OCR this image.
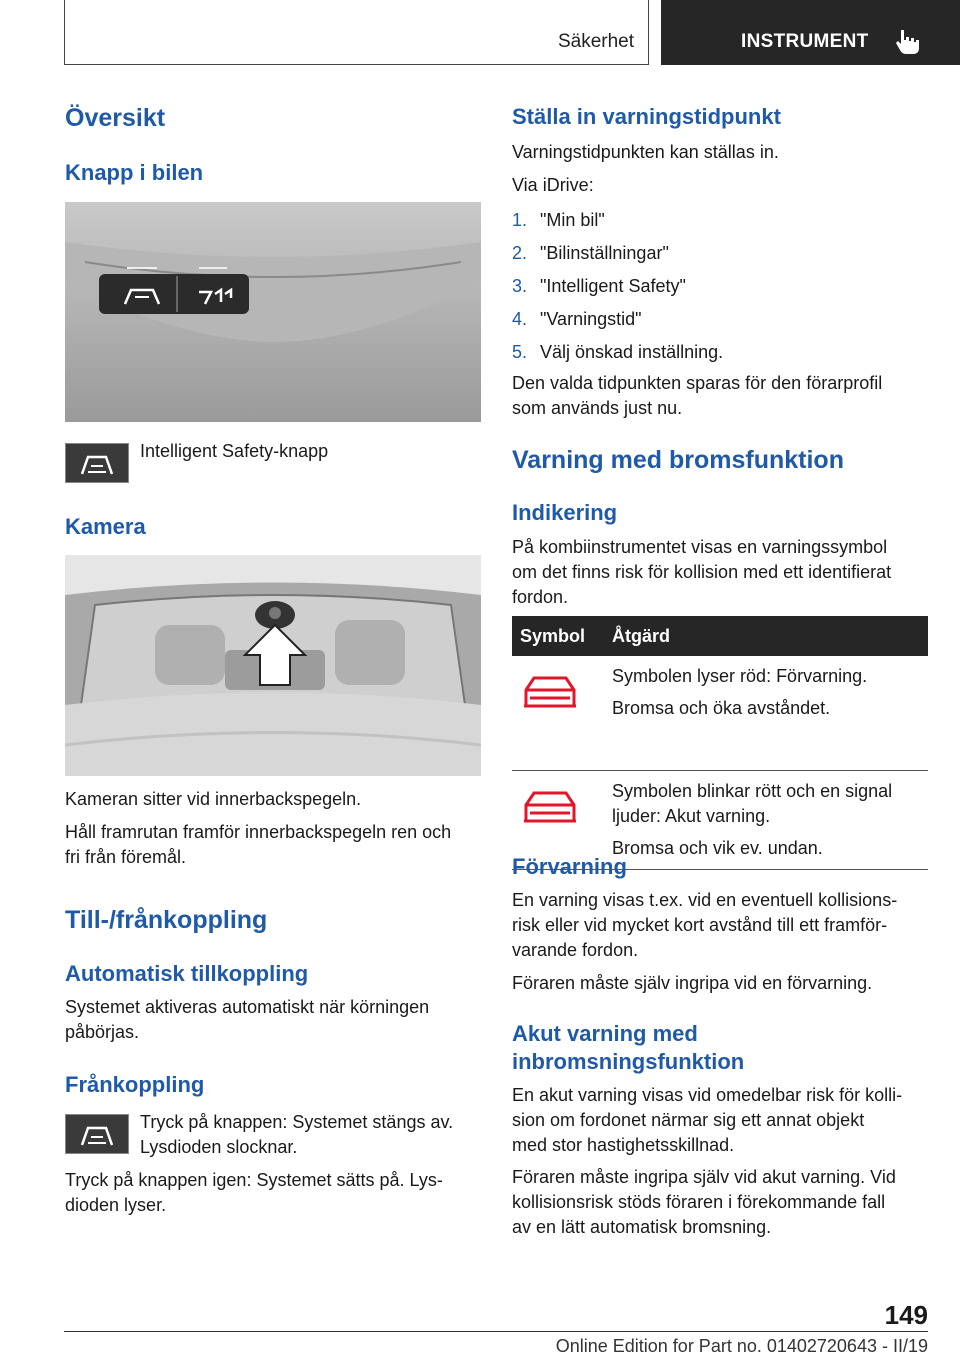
Säkerhet	INSTRUMENT
Översikt
Knapp i bilen
Intelligent Safety-knapp
Kamera
Kameran sitter vid innerbackspegeln.
Håll framrutan framför innerbackspegeln ren och
fri från föremål.
Till-/frånkoppling
Automatisk tillkoppling
Systemet aktiveras automatiskt när körningen
påbörjas.
Frånkoppling
Tryck på knappen: Systemet stängs av.
Lysdioden slocknar.
Tryck på knappen igen: Systemet sätts på. Lys-
dioden lyser.
Ställa in varningstidpunkt
Varningstidpunkten kan ställas in.
Via iDrive:
1. "Min bil"
2. "Bilinställningar"
3. "Intelligent Safety"
4. "Varningstid"
5. Välj önskad inställning.
Den valda tidpunkten sparas för den förarprofil
som används just nu.
Varning med bromsfunktion
Indikering
På kombiinstrumentet visas en varningssymbol
om det finns risk för kollision med ett identifierat
fordon.
Symbol	Åtgärd

Symbolen lyser röd: Förvarning.
Bromsa och öka avståndet.

Symbolen blinkar rött och en signal
ljuder: Akut varning.
Bromsa och vik ev. undan.
Förvarning
En varning visas t.ex. vid en eventuell kollisions-
risk eller vid mycket kort avstånd till ett framför-
varande fordon.
Föraren måste själv ingripa vid en förvarning.
Akut varning med
inbromsningsfunktion
En akut varning visas vid omedelbar risk för kolli-
sion om fordonet närmar sig ett annat objekt
med stor hastighetsskillnad.
Föraren måste ingripa själv vid akut varning. Vid
kollisionsrisk stöds föraren i förekommande fall
av en lätt automatisk bromsning.
149
Online Edition for Part no. 01402720643 - II/19
